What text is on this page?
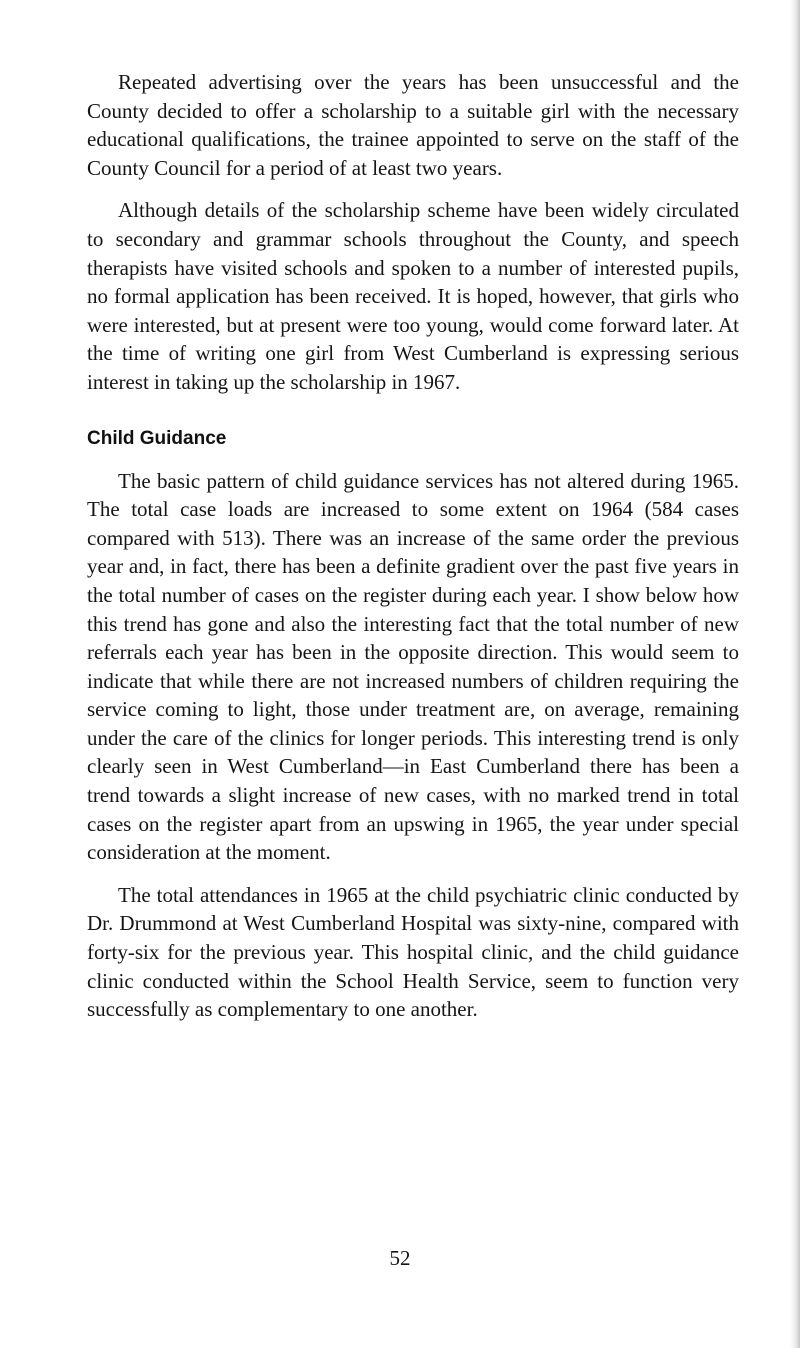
Repeated advertising over the years has been unsuccessful and the County decided to offer a scholarship to a suitable girl with the necessary educational qualifications, the trainee appointed to serve on the staff of the County Council for a period of at least two years.

Although details of the scholarship scheme have been widely circulated to secondary and grammar schools throughout the County, and speech therapists have visited schools and spoken to a number of interested pupils, no formal application has been received. It is hoped, however, that girls who were interested, but at present were too young, would come forward later. At the time of writing one girl from West Cumberland is expressing serious interest in taking up the scholarship in 1967.

Child Guidance

The basic pattern of child guidance services has not altered during 1965. The total case loads are increased to some extent on 1964 (584 cases compared with 513). There was an increase of the same order the previous year and, in fact, there has been a definite gradient over the past five years in the total number of cases on the register during each year. I show below how this trend has gone and also the interesting fact that the total number of new referrals each year has been in the opposite direction. This would seem to indicate that while there are not increased numbers of children requiring the service coming to light, those under treatment are, on average, remaining under the care of the clinics for longer periods. This interesting trend is only clearly seen in West Cumberland—in East Cumberland there has been a trend towards a slight increase of new cases, with no marked trend in total cases on the register apart from an upswing in 1965, the year under special consideration at the moment.

The total attendances in 1965 at the child psychiatric clinic conducted by Dr. Drummond at West Cumberland Hospital was sixty-nine, compared with forty-six for the previous year. This hospital clinic, and the child guidance clinic conducted within the School Health Service, seem to function very successfully as complementary to one another.

52
